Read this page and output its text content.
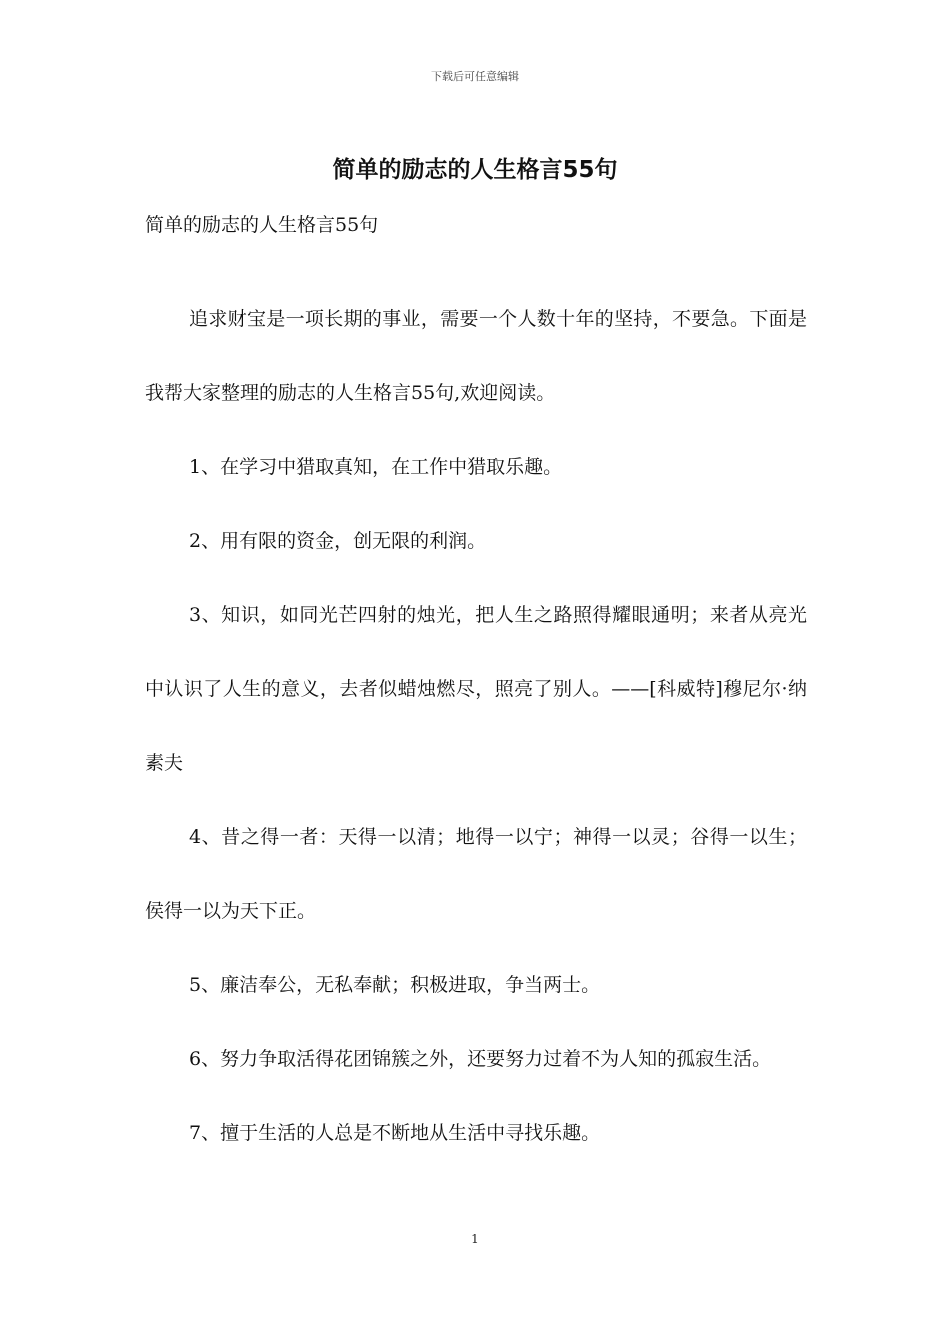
下载后可任意编辑
简单的励志的人生格言55句

简单的励志的人生格言55句

追求财宝是一项长期的事业，需要一个人数十年的坚持，不要急。下面是我帮大家整理的励志的人生格言55句,欢迎阅读。

1、在学习中猎取真知，在工作中猎取乐趣。

2、用有限的资金，创无限的利润。

3、知识，如同光芒四射的烛光，把人生之路照得耀眼通明；来者从亮光中认识了人生的意义，去者似蜡烛燃尽，照亮了别人。——[科威特]穆尼尔·纳素夫

4、昔之得一者：天得一以清；地得一以宁；神得一以灵；谷得一以生；侯得一以为天下正。

5、廉洁奉公，无私奉献；积极进取，争当两士。

6、努力争取活得花团锦簇之外，还要努力过着不为人知的孤寂生活。

7、擅于生活的人总是不断地从生活中寻找乐趣。

1
